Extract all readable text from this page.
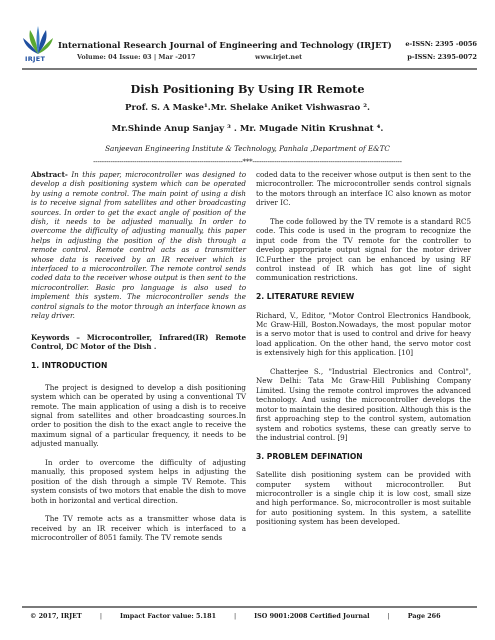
IRJET
International Research Journal of Engineering and Technology (IRJET)
Volume: 04 Issue: 03 | Mar -2017	www.irjet.net
e-ISSN: 2395 -0056
p-ISSN: 2395-0072
Dish Positioning By Using IR Remote
Prof. S. A Maske¹.Mr. Shelake Aniket Vishwasrao ².
Mr.Shinde Anup Sanjay ³ . Mr. Mugade Nitin Krushnat ⁴.
Sanjeevan Engineering Institute & Technology, Panhala ,Department of E&TC
---------------------------------------------------------------------***---------------------------------------------------------------------

Abstract- In this paper, microcontroller was designed to develop a dish positioning system which can be operated by using a remote control. The main point of using a dish is to receive signal from satellites and other broadcasting sources. In order to get the exact angle of position of the dish, it needs to be adjusted manually. In order to overcome the difficulty of adjusting manually, this paper helps in adjusting the position of the dish through a remote control. Remote control acts as a transmitter whose data is received by an IR receiver which is interfaced to a microcontroller. The remote control sends coded data to the receiver whose output is then sent to the microcontroller. Basic pro language is also used to implement this system. The microcontroller sends the control signals to the motor through an interface known as relay driver.

Keywords – Microcontroller, Infrared(IR) Remote Control, DC Motor of the Dish .

1. INTRODUCTION

The project is designed to develop a dish positioning system which can be operated by using a conventional TV remote. The main application of using a dish is to receive signal from satellites and other broadcasting sources.In order to position the dish to the exact angle to receive the maximum signal of a particular frequency, it needs to be adjusted manually.

In order to overcome the difficulty of adjusting manually, this proposed system helps in adjusting the position of the dish through a simple TV Remote. This system consists of two motors that enable the dish to move both in horizontal and vertical direction.

The TV remote acts as a transmitter whose data is received by an IR receiver which is interfaced to a microcontroller of 8051 family. The TV remote sends

coded data to the receiver whose output is then sent to the microcontroller. The microcontroller sends control signals to the motors through an interface IC also known as motor driver IC.

The code followed by the TV remote is a standard RC5 code. This code is used in the program to recognize the input code from the TV remote for the controller to develop appropriate output signal for the motor driver IC.Further the project can be enhanced by using RF control instead of IR which has got line of sight communication restrictions.

2. LITERATURE REVIEW

Richard, V., Editor, "Motor Control Electronics Handbook, Mc Graw-Hill, Boston.Nowadays, the most popular motor is a servo motor that is used to control and drive for heavy load application. On the other hand, the servo motor cost is extensively high for this application. [10]

Chatterjee S., "Industrial Electronics and Control", New Delhi: Tata Mc Graw-Hill Publishing Company Limited. Using the remote control improves the advanced technology. And using the microcontroller develops the motor to maintain the desired position. Although this is the first approaching step to the control system, automation system and robotics systems, these can greatly serve to the industrial control. [9]

3. PROBLEM DEFINATION

Satellite dish positioning system can be provided with computer system without microcontroller. But microcontroller is a single chip it is low cost, small size and high performance. So, microcontroller is most suitable for auto positioning system. In this system, a satellite positioning system has been developed.

© 2017, IRJET	|	Impact Factor value: 5.181	|	ISO 9001:2008 Certified Journal	|	Page 266
